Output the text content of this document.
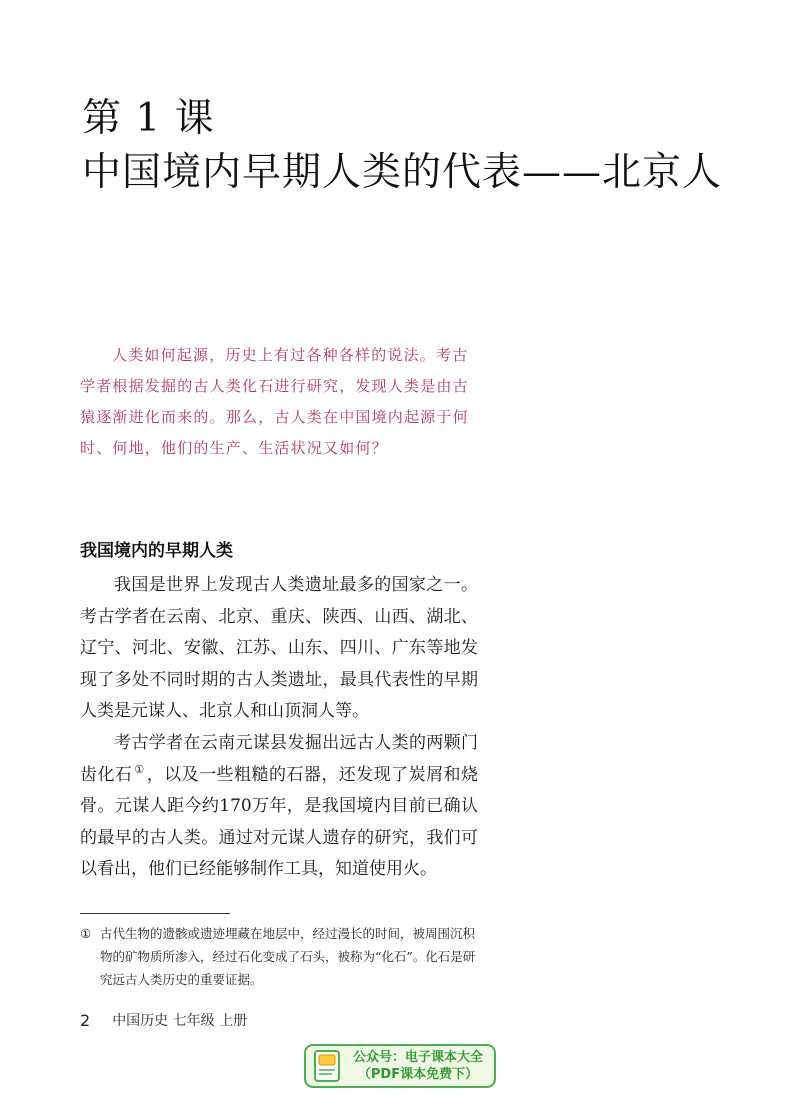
第 1 课
中国境内早期人类的代表——北京人

人类如何起源，历史上有过各种各样的说法。考古学者根据发掘的古人类化石进行研究，发现人类是由古猿逐渐进化而来的。那么，古人类在中国境内起源于何时、何地，他们的生产、生活状况又如何？

我国境内的早期人类

我国是世界上发现古人类遗址最多的国家之一。考古学者在云南、北京、重庆、陕西、山西、湖北、辽宁、河北、安徽、江苏、山东、四川、广东等地发现了多处不同时期的古人类遗址，最具代表性的早期人类是元谋人、北京人和山顶洞人等。

考古学者在云南元谋县发掘出远古人类的两颗门齿化石 ① ，以及一些粗糙的石器，还发现了炭屑和烧骨。元谋人距今约170万年，是我国境内目前已确认的最早的古人类。通过对元谋人遗存的研究，我们可以看出，他们已经能够制作工具，知道使用火。

① 古代生物的遗骸或遗迹埋藏在地层中，经过漫长的时间，被周围沉积物的矿物质所渗入，经过石化变成了石头，被称为“化石”。化石是研究远古人类历史的重要证据。
2 中国历史 七年级 上册
公众号：电子课本大全
（PDF课本免费下）
